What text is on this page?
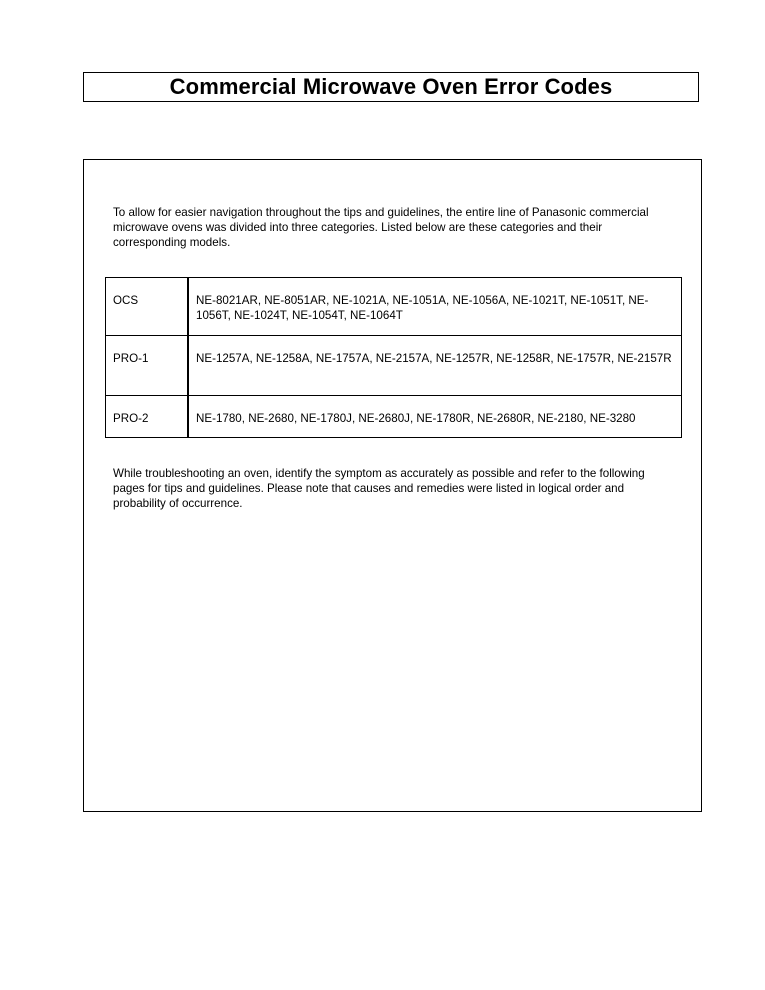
Commercial Microwave Oven Error Codes

To allow for easier navigation throughout the tips and guidelines, the entire line of Panasonic commercial microwave ovens was divided into three categories. Listed below are these categories and their corresponding models.

OCS	NE-8021AR, NE-8051AR, NE-1021A, NE-1051A, NE-1056A, NE-1021T, NE-1051T, NE-1056T, NE-1024T, NE-1054T, NE-1064T
PRO-1	NE-1257A, NE-1258A, NE-1757A, NE-2157A, NE-1257R, NE-1258R, NE-1757R, NE-2157R
PRO-2	NE-1780, NE-2680, NE-1780J, NE-2680J, NE-1780R, NE-2680R, NE-2180, NE-3280

While troubleshooting an oven, identify the symptom as accurately as possible and refer to the following pages for tips and guidelines. Please note that causes and remedies were listed in logical order and probability of occurrence.
